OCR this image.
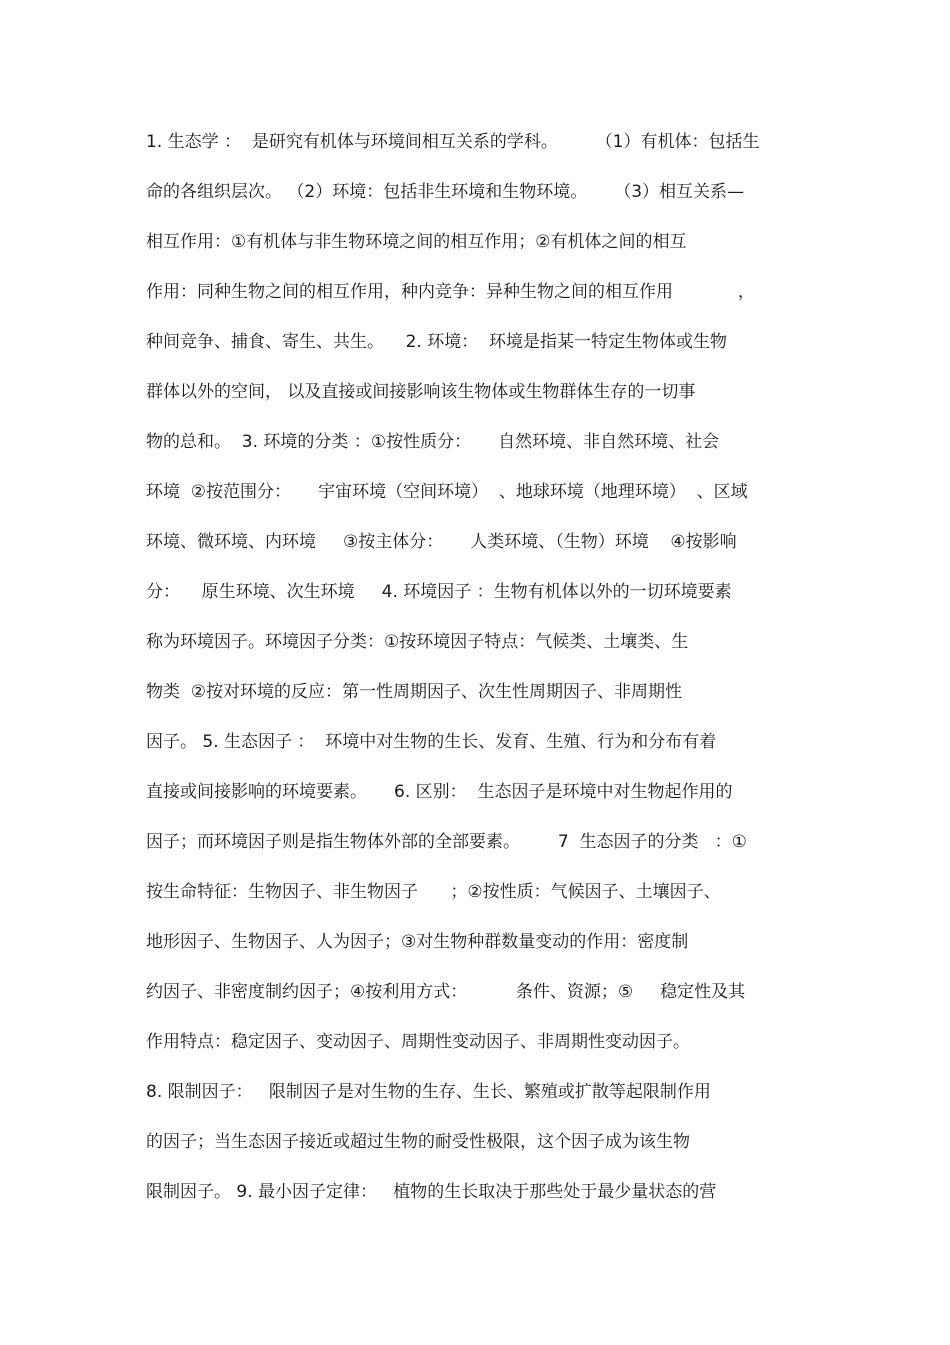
1. 生态学 ：  是研究有机体与环境间相互关系的学科。       （1）有机体：包括生
命的各组织层次。 （2）环境：包括非生环境和生物环境。     （3）相互关系—
相互作用：①有机体与非生物环境之间的相互作用；②有机体之间的相互
作用：同种生物之间的相互作用，种内竞争：异种生物之间的相互作用            ，
种间竞争、捕食、寄生、共生。    2. 环境：  环境是指某一特定生物体或生物
群体以外的空间， 以及直接或间接影响该生物体或生物群体生存的一切事
物的总和。  3. 环境的分类 ：①按性质分：     自然环境、非自然环境、社会
环境  ②按范围分：     宇宙环境（空间环境）  、地球环境（地理环境）  、区域
环境、微环境、内环境     ③按主体分：     人类环境、（生物）环境    ④按影响
分：    原生环境、次生环境     4. 环境因子 ：生物有机体以外的一切环境要素
称为环境因子。环境因子分类：①按环境因子特点：气候类、土壤类、生
物类  ②按对环境的反应：第一性周期因子、次生性周期因子、非周期性
因子。 5. 生态因子 ：  环境中对生物的生长、发育、生殖、行为和分布有着
直接或间接影响的环境要素。     6. 区别：  生态因子是环境中对生物起作用的
因子；而环境因子则是指生物体外部的全部要素。       7  生态因子的分类   ：①
按生命特征：生物因子、非生物因子      ；②按性质：气候因子、土壤因子、
地形因子、生物因子、人为因子；③对生物种群数量变动的作用：密度制
约因子、非密度制约因子；④按利用方式：         条件、资源；⑤     稳定性及其
作用特点：稳定因子、变动因子、周期性变动因子、非周期性变动因子。
8. 限制因子：   限制因子是对生物的生存、生长、繁殖或扩散等起限制作用
的因子；当生态因子接近或超过生物的耐受性极限，这个因子成为该生物
限制因子。 9. 最小因子定律：   植物的生长取决于那些处于最少量状态的营
